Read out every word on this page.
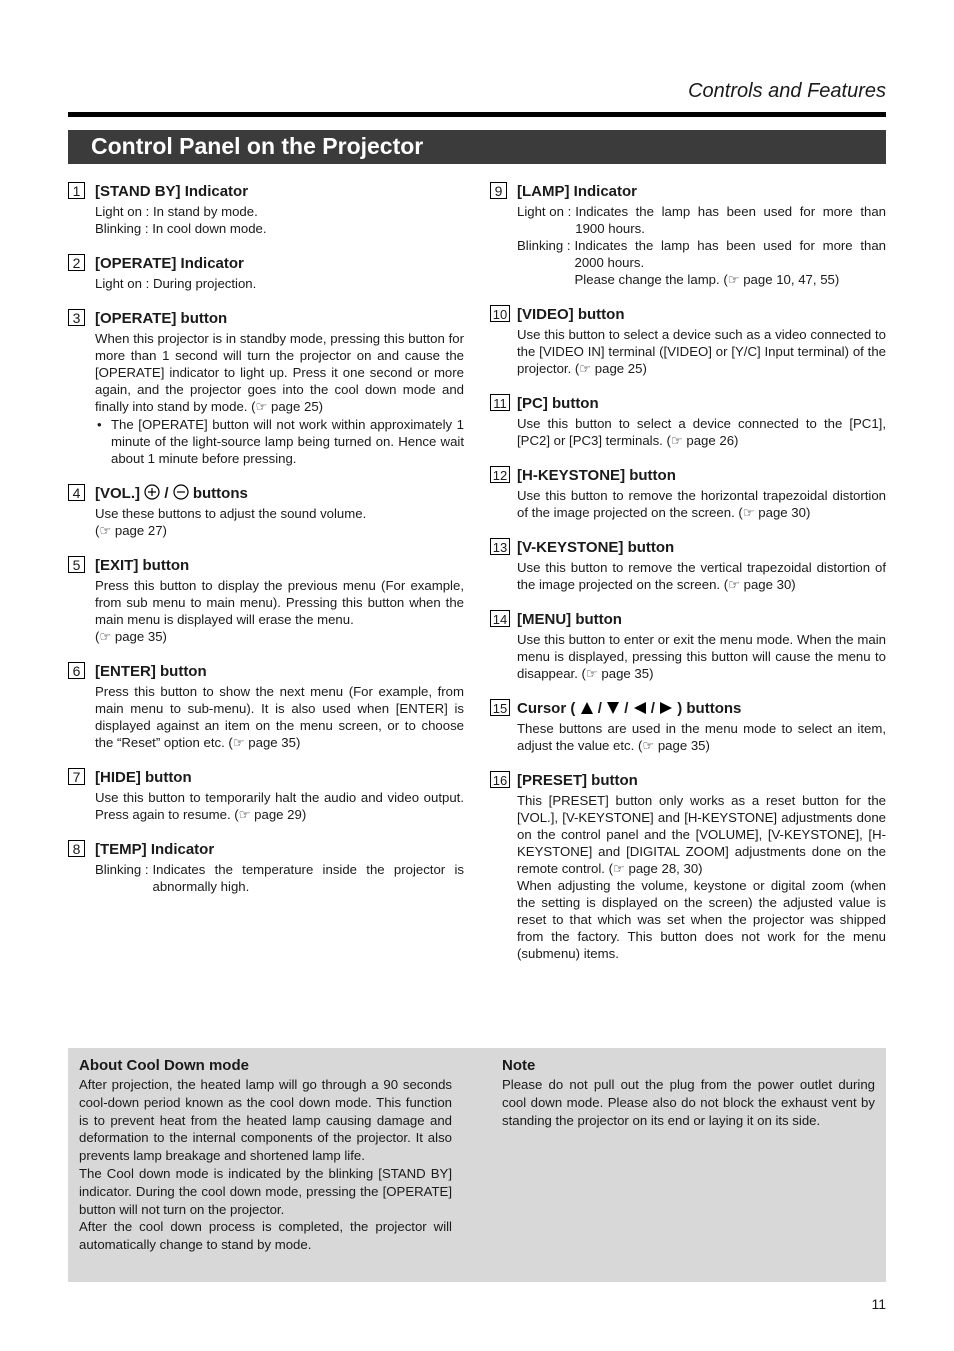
Controls and Features
Control Panel on the Projector
1 [STAND BY] Indicator

Light on : In stand by mode.
Blinking : In cool down mode.
2 [OPERATE] Indicator

Light on : During projection.
3 [OPERATE] button

When this projector is in standby mode, pressing this button for more than 1 second will turn the projector on and cause the [OPERATE] indicator to light up. Press it one second or more again, and the projector goes into the cool down mode and finally into stand by mode. (☞ page 25)

• The [OPERATE] button will not work within approximately 1 minute of the light-source lamp being turned on. Hence wait about 1 minute before pressing.
4 [VOL.] / buttons

Use these buttons to adjust the sound volume.
(☞ page 27)
5 [EXIT] button

Press this button to display the previous menu (For example, from sub menu to main menu). Pressing this button when the main menu is displayed will erase the menu.
(☞ page 35)
6 [ENTER] button

Press this button to show the next menu (For example, from main menu to sub-menu). It is also used when [ENTER] is displayed against an item on the menu screen, or to choose the “Reset” option etc. (☞ page 35)

7 [HIDE] button

Use this button to temporarily halt the audio and video output. Press again to resume. (☞ page 29)

8 [TEMP] Indicator

Blinking : Indicates the temperature inside the projector is abnormally high.
9 [LAMP] Indicator

Light on : Indicates the lamp has been used for more than 1900 hours.
Blinking : Indicates the lamp has been used for more than 2000 hours.
Please change the lamp. (☞ page 10, 47, 55)
10 [VIDEO] button

Use this button to select a device such as a video connected to the [VIDEO IN] terminal ([VIDEO] or [Y/C] Input terminal) of the projector. (☞ page 25)

11 [PC] button

Use this button to select a device connected to the [PC1], [PC2] or [PC3] terminals. (☞ page 26)

12 [H-KEYSTONE] button

Use this button to remove the horizontal trapezoidal distortion of the image projected on the screen. (☞ page 30)

13 [V-KEYSTONE] button

Use this button to remove the vertical trapezoidal distortion of the image projected on the screen. (☞ page 30)

14 [MENU] button

Use this button to enter or exit the menu mode. When the main menu is displayed, pressing this button will cause the menu to disappear. (☞ page 35)

15 Cursor ( / / / ) buttons

These buttons are used in the menu mode to select an item, adjust the value etc. (☞ page 35)

16 [PRESET] button

This [PRESET] button only works as a reset button for the [VOL.], [V-KEYSTONE] and [H-KEYSTONE] adjustments done on the control panel and the [VOLUME], [V-KEYSTONE], [H-KEYSTONE] and [DIGITAL ZOOM] adjustments done on the remote control. (☞ page 28, 30)
When adjusting the volume, keystone or digital zoom (when the setting is displayed on the screen) the adjusted value is reset to that which was set when the projector was shipped from the factory. This button does not work for the menu (submenu) items.

About Cool Down mode

After projection, the heated lamp will go through a 90 seconds cool-down period known as the cool down mode. This function is to prevent heat from the heated lamp causing damage and deformation to the internal components of the projector. It also prevents lamp breakage and shortened lamp life.

The Cool down mode is indicated by the blinking [STAND BY] indicator. During the cool down mode, pressing the [OPERATE] button will not turn on the projector.

After the cool down process is completed, the projector will automatically change to stand by mode.

Note

Please do not pull out the plug from the power outlet during cool down mode. Please also do not block the exhaust vent by standing the projector on its end or laying it on its side.

11
